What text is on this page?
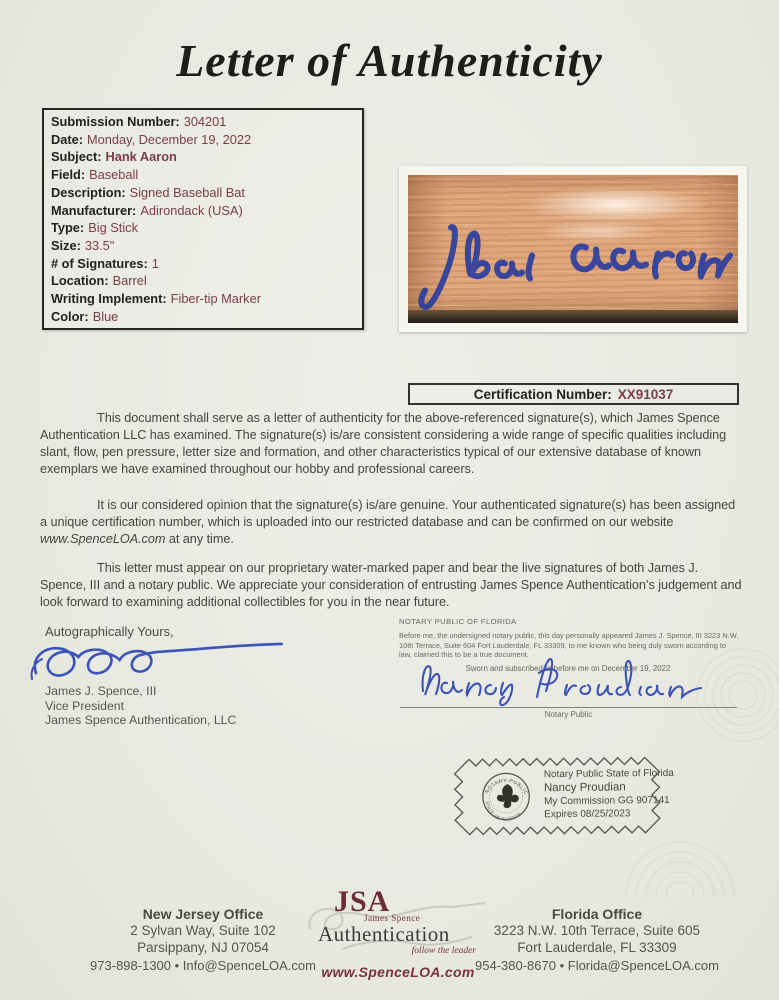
Letter of Authenticity
Submission Number: 304201
Date: Monday, December 19, 2022
Subject: Hank Aaron
Field: Baseball
Description: Signed Baseball Bat
Manufacturer: Adirondack (USA)
Type: Big Stick
Size: 33.5"
# of Signatures: 1
Location: Barrel
Writing Implement: Fiber-tip Marker
Color: Blue
Certification Number: XX91037
This document shall serve as a letter of authenticity for the above-referenced signature(s), which James Spence Authentication LLC has examined. The signature(s) is/are consistent considering a wide range of specific qualities including slant, flow, pen pressure, letter size and formation, and other characteristics typical of our extensive database of known exemplars we have examined throughout our hobby and professional careers.
It is our considered opinion that the signature(s) is/are genuine. Your authenticated signature(s) has been assigned a unique certification number, which is uploaded into our restricted database and can be confirmed on our website www.SpenceLOA.com at any time.
This letter must appear on our proprietary water-marked paper and bear the live signatures of both James J. Spence, III and a notary public. We appreciate your consideration of entrusting James Spence Authentication’s judgement and look forward to examining additional collectibles for you in the near future.
Autographically Yours,
James J. Spence, III
Vice President
James Spence Authentication, LLC
NOTARY PUBLIC OF FLORIDA
Before me, the undersigned notary public, this day personally appeared James J. Spence, III 3223 N.W. 10th Terrace, Suite 604 Fort Lauderdale, FL 33309, to me known who being duly sworn according to law, claimed this to be a true document.
Sworn and subscribed to before me on December 19, 2022
Notary Public
NOTARY PUBLIC
STATE OF FLORIDA
Notary Public State of Florida
Nancy Proudian
My Commission GG 907141
Expires 08/25/2023
New Jersey Office
2 Sylvan Way, Suite 102
Parsippany, NJ 07054
973-898-1300 • Info@SpenceLOA.com
JSA
James Spence
Authentication
follow the leader
www.SpenceLOA.com
Florida Office
3223 N.W. 10th Terrace, Suite 605
Fort Lauderdale, FL 33309
954-380-8670 • Florida@SpenceLOA.com
